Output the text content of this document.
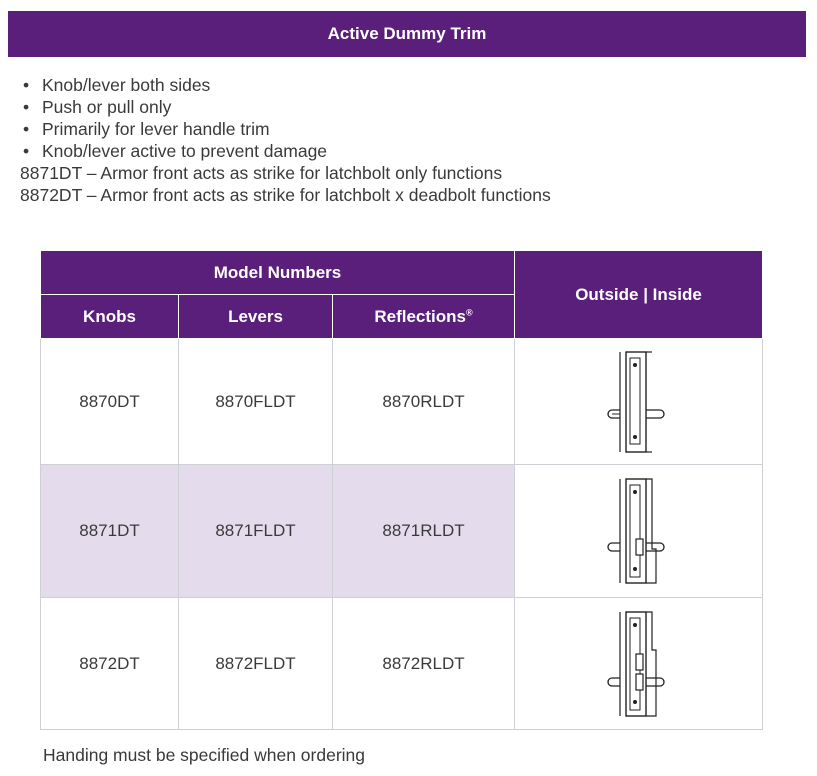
Active Dummy Trim
• Knob/lever both sides
• Push or pull only
• Primarily for lever handle trim
• Knob/lever active to prevent damage
8871DT – Armor front acts as strike for latchbolt only functions
8872DT – Armor front acts as strike for latchbolt x deadbolt functions
Model Numbers			Outside | Inside
Knobs	Levers	Reflections®
8870DT	8870FLDT	8870RLDT	

8871DT	8871FLDT	8871RLDT	

8872DT	8872FLDT	8872RLDT	
Handing must be specified when ordering
